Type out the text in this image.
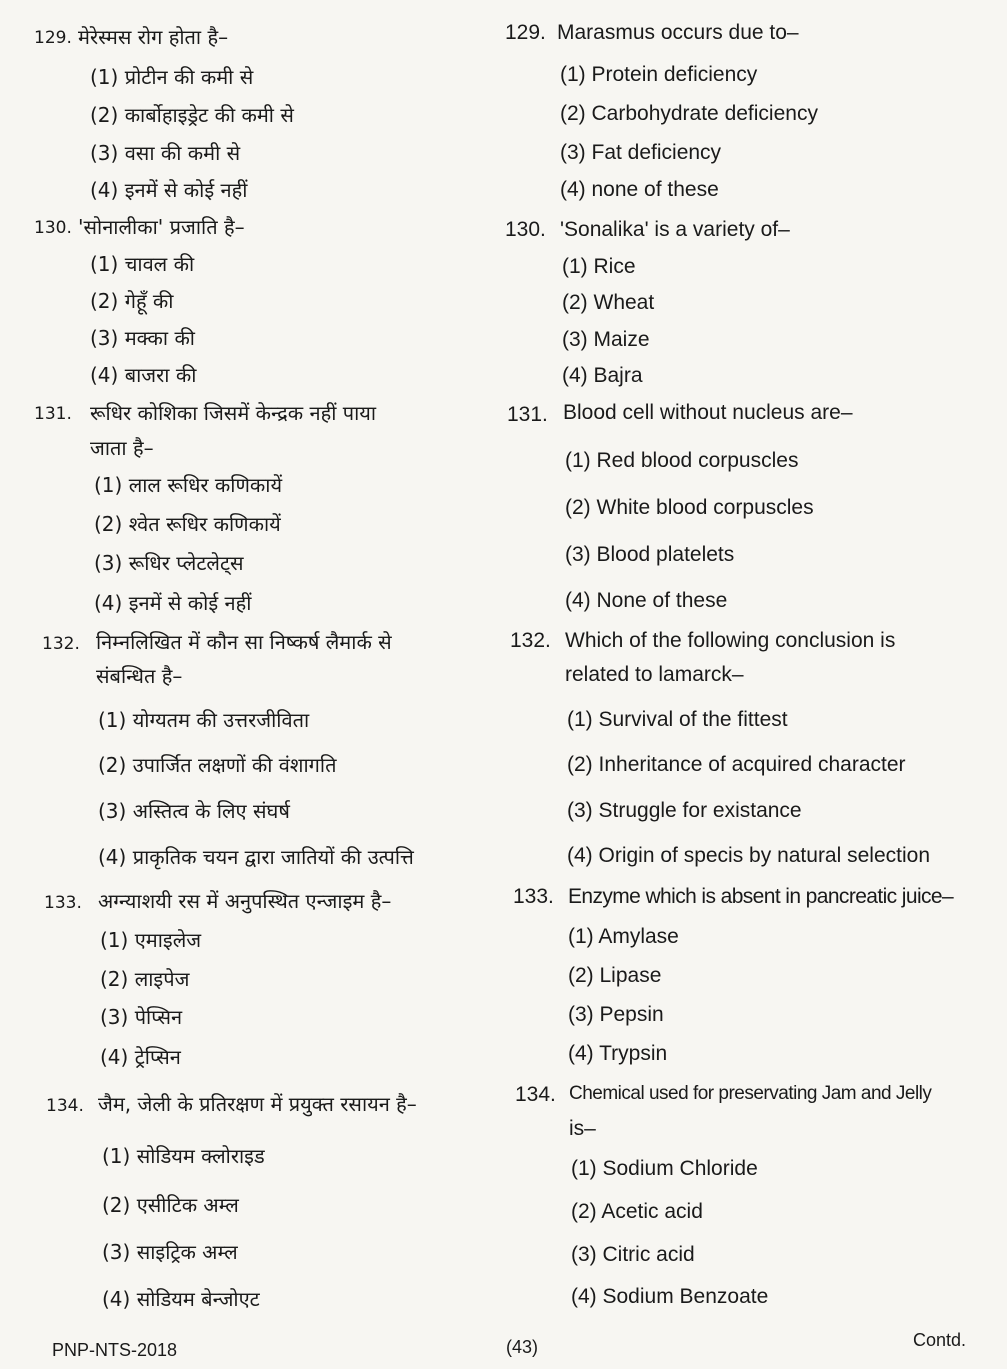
129. मेरेस्मस रोग होता है–
(1) प्रोटीन की कमी से
(2) कार्बोहाइड्रेट की कमी से
(3) वसा की कमी से
(4) इनमें से कोई नहीं
130. 'सोनालीका' प्रजाति है–
(1) चावल की
(2) गेहूँ की
(3) मक्का की
(4) बाजरा की
131. रूधिर कोशिका जिसमें केन्द्रक नहीं पाया
जाता है–
(1) लाल रूधिर कणिकायें
(2) श्वेत रूधिर कणिकायें
(3) रूधिर प्लेटलेट्स
(4) इनमें से कोई नहीं
132. निम्नलिखित में कौन सा निष्कर्ष लैमार्क से
संबन्धित है–
(1) योग्यतम की उत्तरजीविता
(2) उपार्जित लक्षणों की वंशागति
(3) अस्तित्व के लिए संघर्ष
(4) प्राकृतिक चयन द्वारा जातियों की उत्पत्ति
133. अग्न्याशयी रस में अनुपस्थित एन्जाइम है–
(1) एमाइलेज
(2) लाइपेज
(3) पेप्सिन
(4) ट्रेप्सिन
134. जैम, जेली के प्रतिरक्षण में प्रयुक्त रसायन है–
(1) सोडियम क्लोराइड
(2) एसीटिक अम्ल
(3) साइट्रिक अम्ल
(4) सोडियम बेन्जोएट
129. Marasmus occurs due to–
(1) Protein deficiency
(2) Carbohydrate deficiency
(3) Fat deficiency
(4) none of these
130. 'Sonalika' is a variety of–
(1) Rice
(2) Wheat
(3) Maize
(4) Bajra
131. Blood cell without nucleus are–
(1) Red blood corpuscles
(2) White blood corpuscles
(3) Blood platelets
(4) None of these
132. Which of the following conclusion is
related to lamarck–
(1) Survival of the fittest
(2) Inheritance of acquired character
(3) Struggle for existance
(4) Origin of specis by natural selection
133. Enzyme which is absent in pancreatic juice–
(1) Amylase
(2) Lipase
(3) Pepsin
(4) Trypsin
134. Chemical used for preservating Jam and Jelly
is–
(1) Sodium Chloride
(2) Acetic acid
(3) Citric acid
(4) Sodium Benzoate
PNP-NTS-2018	(43)	Contd.
